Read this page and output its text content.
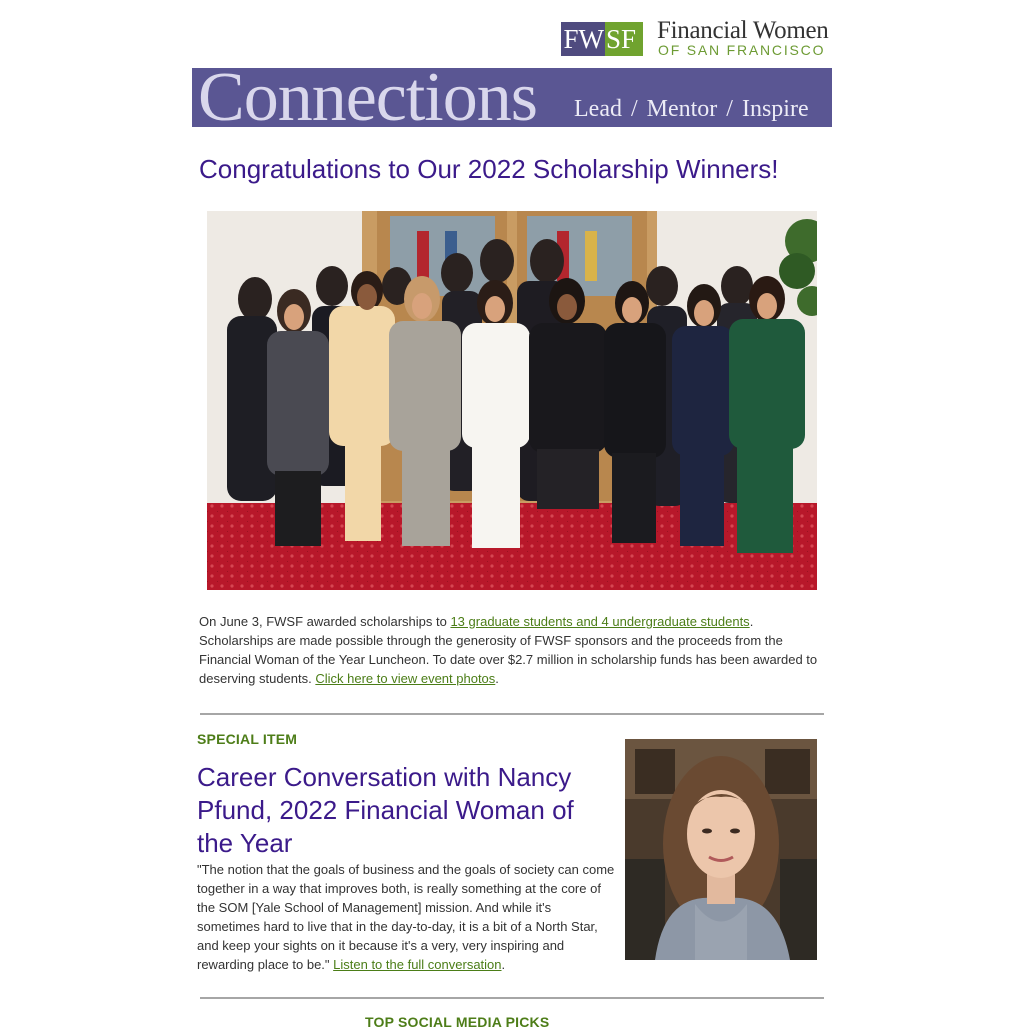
FW SF Financial Women
OF SAN FRANCISCO
Connections Lead / Mentor / Inspire
Congratulations to Our 2022 Scholarship Winners!
On June 3, FWSF awarded scholarships to 13 graduate students and 4 undergraduate students. Scholarships are made possible through the generosity of FWSF sponsors and the proceeds from the Financial Woman of the Year Luncheon. To date over $2.7 million in scholarship funds has been awarded to deserving students. Click here to view event photos.
SPECIAL ITEM
Career Conversation with Nancy Pfund, 2022 Financial Woman of the Year
"The notion that the goals of business and the goals of society can come together in a way that improves both, is really something at the core of the SOM [Yale School of Management] mission. And while it's sometimes hard to live that in the day-to-day, it is a bit of a North Star, and keep your sights on it because it's a very, very inspiring and rewarding place to be." Listen to the full conversation.
TOP SOCIAL MEDIA PICKS
